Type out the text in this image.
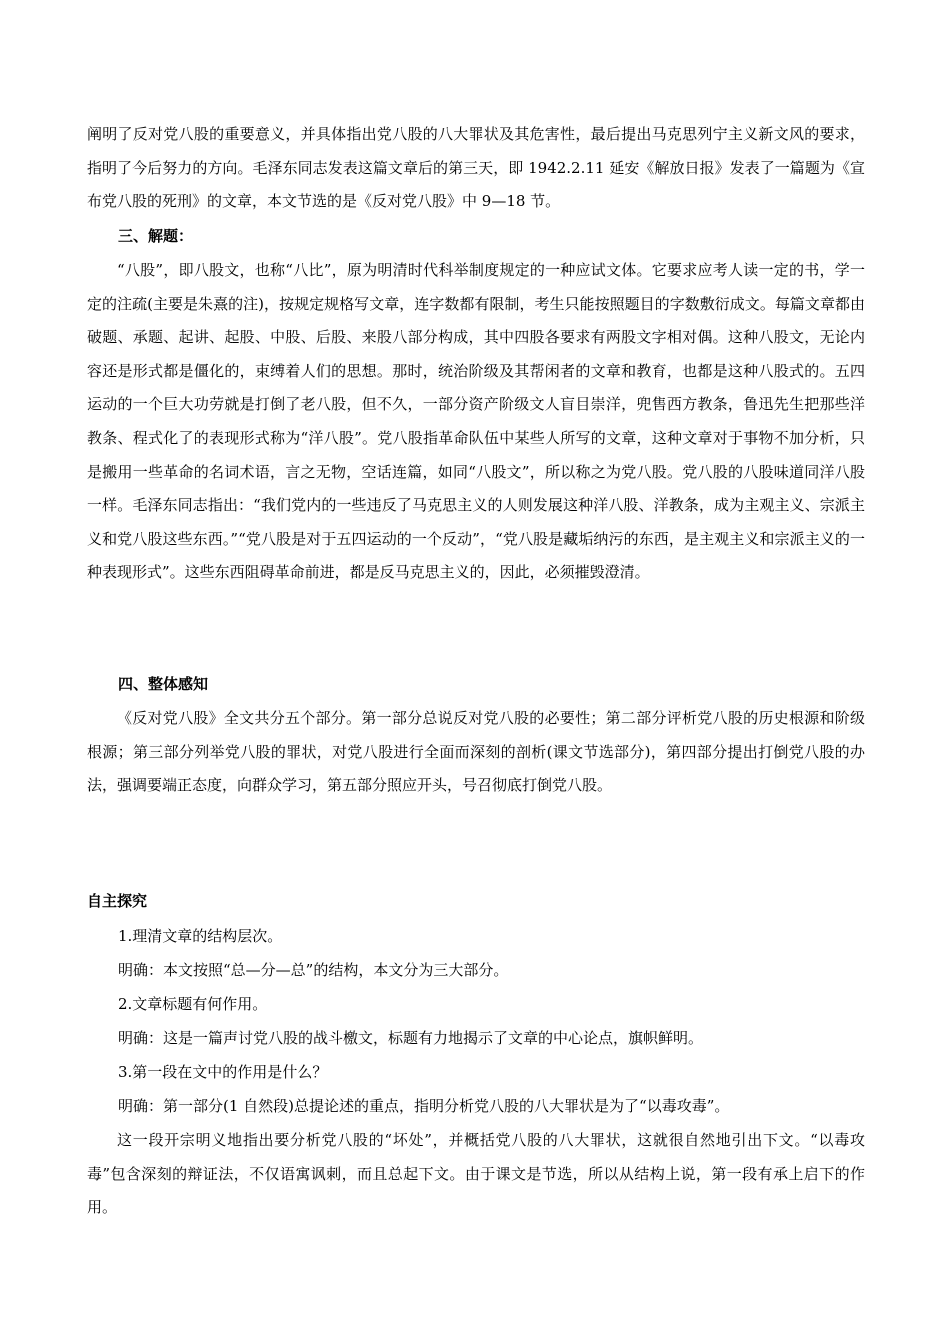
阐明了反对党八股的重要意义，并具体指出党八股的八大罪状及其危害性，最后提出马克思列宁主义新文风的要求，指明了今后努力的方向。毛泽东同志发表这篇文章后的第三天，即 1942.2.11 延安《解放日报》发表了一篇题为《宣布党八股的死刑》的文章，本文节选的是《反对党八股》中 9—18 节。

三、解题：

“八股”，即八股文，也称“八比”，原为明清时代科举制度规定的一种应试文体。它要求应考人读一定的书，学一定的注疏(主要是朱熹的注)，按规定规格写文章，连字数都有限制，考生只能按照题目的字数敷衍成文。每篇文章都由破题、承题、起讲、起股、中股、后股、来股八部分构成，其中四股各要求有两股文字相对偶。这种八股文，无论内容还是形式都是僵化的，束缚着人们的思想。那时，统治阶级及其帮闲者的文章和教育，也都是这种八股式的。五四运动的一个巨大功劳就是打倒了老八股，但不久，一部分资产阶级文人盲目崇洋，兜售西方教条，鲁迅先生把那些洋教条、程式化了的表现形式称为“洋八股”。党八股指革命队伍中某些人所写的文章，这种文章对于事物不加分析，只是搬用一些革命的名词术语，言之无物，空话连篇，如同“八股文”，所以称之为党八股。党八股的八股味道同洋八股一样。毛泽东同志指出：“我们党内的一些违反了马克思主义的人则发展这种洋八股、洋教条，成为主观主义、宗派主义和党八股这些东西。”“党八股是对于五四运动的一个反动”，“党八股是藏垢纳污的东西，是主观主义和宗派主义的一种表现形式”。这些东西阻碍革命前进，都是反马克思主义的，因此，必须摧毁澄清。

四、整体感知

《反对党八股》全文共分五个部分。第一部分总说反对党八股的必要性；第二部分评析党八股的历史根源和阶级根源；第三部分列举党八股的罪状，对党八股进行全面而深刻的剖析(课文节选部分)，第四部分提出打倒党八股的办法，强调要端正态度，向群众学习，第五部分照应开头，号召彻底打倒党八股。

自主探究

1.理清文章的结构层次。

明确：本文按照“总—分—总”的结构，本文分为三大部分。

2.文章标题有何作用。

明确：这是一篇声讨党八股的战斗檄文，标题有力地揭示了文章的中心论点，旗帜鲜明。

3.第一段在文中的作用是什么？

明确：第一部分(1 自然段)总提论述的重点，指明分析党八股的八大罪状是为了“以毒攻毒”。

这一段开宗明义地指出要分析党八股的“坏处”，并概括党八股的八大罪状，这就很自然地引出下文。“以毒攻毒”包含深刻的辩证法，不仅语寓讽刺，而且总起下文。由于课文是节选，所以从结构上说，第一段有承上启下的作用。
